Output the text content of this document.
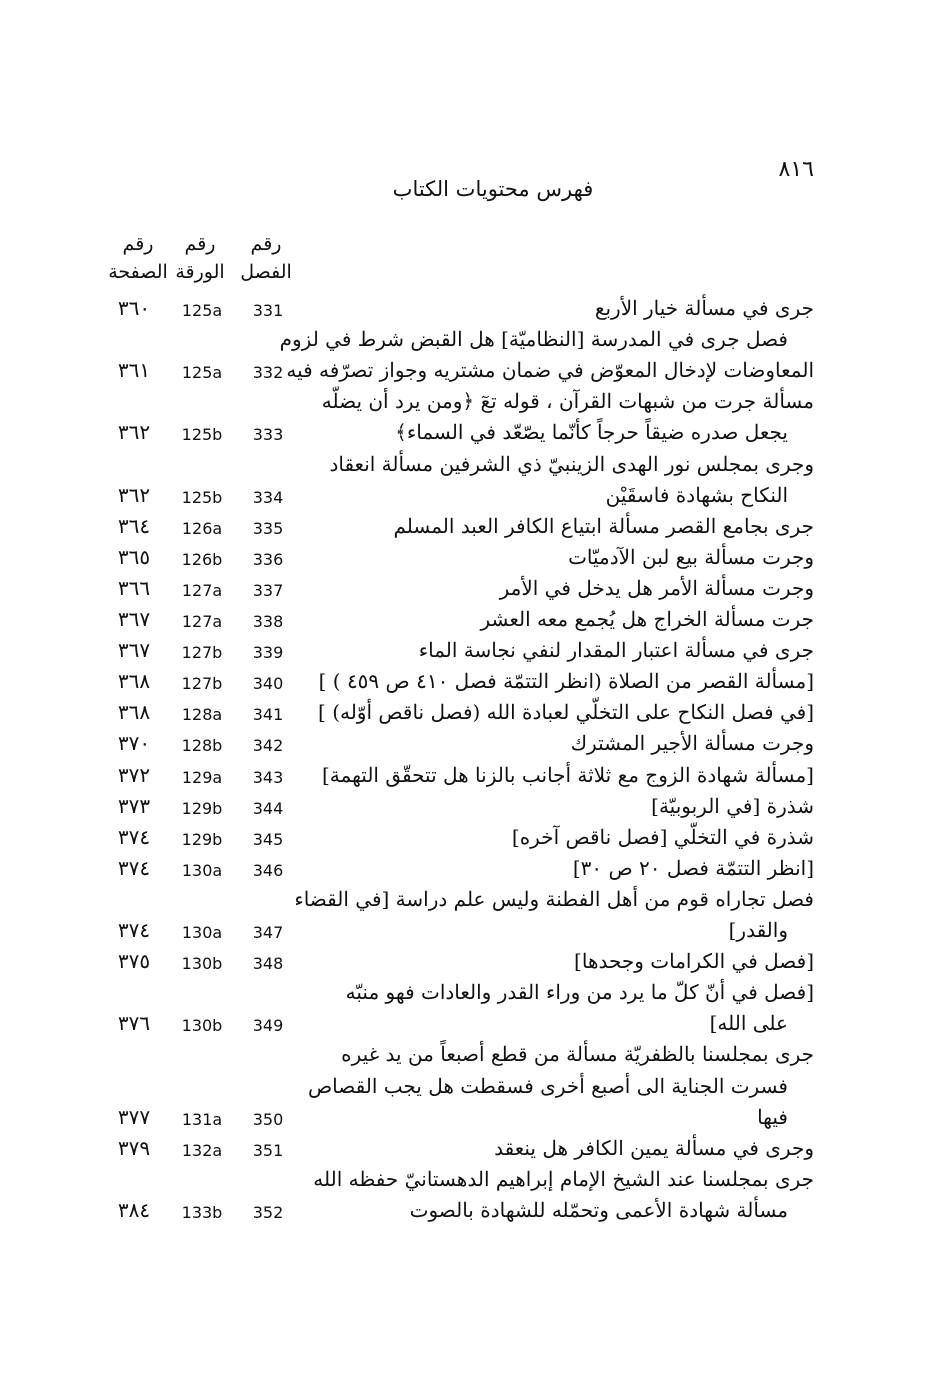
٨١٦
فهرس محتويات الكتاب
رقم
الصفحة
رقم
الورقة
رقم
الفصل
جرى في مسألة خيار الأربع
331
125a
٣٦٠
فصل جرى في المدرسة [النظاميّة] هل القبض شرط في لزوم
المعاوضات لإدخال المعوّض في ضمان مشتريه وجواز تصرّفه فيه
332
125a
٣٦١
مسألة جرت من شبهات القرآن ، قوله تعٓ ﴿ومن يرد أن يضلّه
يجعل صدره ضيقاً حرجاً كأنّما يصّعّد في السماء﴾
333
125b
٣٦٢
وجرى بمجلس نور الهدى الزينبيّ ذي الشرفين مسألة انعقاد
النكاح بشهادة فاسقَيْن
334
125b
٣٦٢
جرى بجامع القصر مسألة ابتياع الكافر العبد المسلم
335
126a
٣٦٤
وجرت مسألة بيع لبن الآدميّات
336
126b
٣٦٥
وجرت مسألة الأمر هل يدخل في الأمر
337
127a
٣٦٦
جرت مسألة الخراج هل يُجمع معه العشر
338
127a
٣٦٧
جرى في مسألة اعتبار المقدار لنفي نجاسة الماء
339
127b
٣٦٧
[مسألة القصر من الصلاة (انظر التتمّة فصل ٤١٠ ص ٤٥٩ ) ]
340
127b
٣٦٨
[في فصل النكاح على التخلّي لعبادة الله (فصل ناقص أوّله) ]
341
128a
٣٦٨
وجرت مسألة الأجير المشترك
342
128b
٣٧٠
[مسألة شهادة الزوج مع ثلاثة أجانب بالزنا هل تتحقّق التهمة]
343
129a
٣٧٢
شذرة [في الربوبيّة]
344
129b
٣٧٣
شذرة في التخلّي [فصل ناقص آخره]
345
129b
٣٧٤
[انظر التتمّة فصل ٢٠ ص ٣٠]
346
130a
٣٧٤
فصل تجاراه قوم من أهل الفطنة وليس علم دراسة [في القضاء
والقدر]
347
130a
٣٧٤
[فصل في الكرامات وجحدها]
348
130b
٣٧٥
[فصل في أنّ كلّ ما يرد من وراء القدر والعادات فهو منبّه
على الله]
349
130b
٣٧٦
جرى بمجلسنا بالظفريّة مسألة من قطع أصبعاً من يد غيره
فسرت الجناية الى أصبع أخرى فسقطت هل يجب القصاص
فيها
350
131a
٣٧٧
وجرى في مسألة يمين الكافر هل ينعقد
351
132a
٣٧٩
جرى بمجلسنا عند الشيخ الإمام إبراهيم الدهستانيّ حفظه الله
مسألة شهادة الأعمى وتحمّله للشهادة بالصوت
352
133b
٣٨٤
